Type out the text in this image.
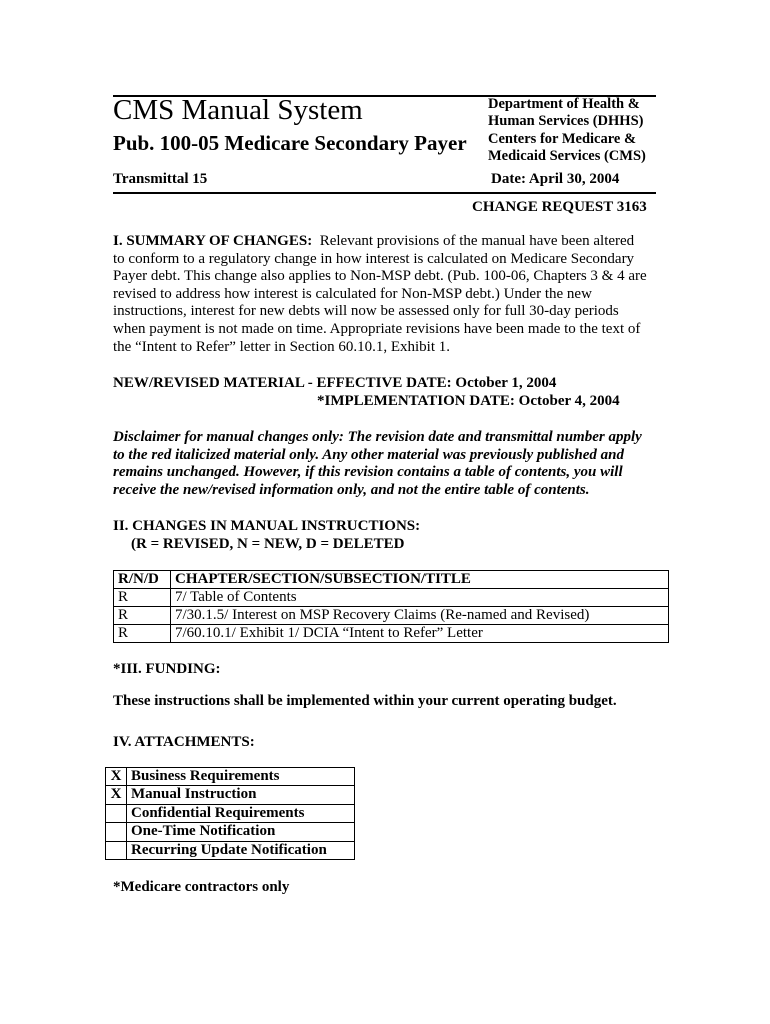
CMS Manual System
Pub. 100-05 Medicare Secondary Payer
Department of Health &
Human Services (DHHS)
Centers for Medicare &
Medicaid Services (CMS)
Transmittal 15	Date: April 30, 2004
CHANGE REQUEST 3163
I. SUMMARY OF CHANGES: Relevant provisions of the manual have been altered
to conform to a regulatory change in how interest is calculated on Medicare Secondary
Payer debt. This change also applies to Non-MSP debt. (Pub. 100-06, Chapters 3 & 4 are
revised to address how interest is calculated for Non-MSP debt.) Under the new
instructions, interest for new debts will now be assessed only for full 30-day periods
when payment is not made on time. Appropriate revisions have been made to the text of
the “Intent to Refer” letter in Section 60.10.1, Exhibit 1.
NEW/REVISED MATERIAL - EFFECTIVE DATE: October 1, 2004
*IMPLEMENTATION DATE: October 4, 2004
Disclaimer for manual changes only: The revision date and transmittal number apply
to the red italicized material only. Any other material was previously published and
remains unchanged. However, if this revision contains a table of contents, you will
receive the new/revised information only, and not the entire table of contents.
II. CHANGES IN MANUAL INSTRUCTIONS:
(R = REVISED, N = NEW, D = DELETED
R/N/D	CHAPTER/SECTION/SUBSECTION/TITLE
R	7/ Table of Contents
R	7/30.1.5/ Interest on MSP Recovery Claims (Re-named and Revised)
R	7/60.10.1/ Exhibit 1/ DCIA “Intent to Refer” Letter
*III. FUNDING:
These instructions shall be implemented within your current operating budget.
IV. ATTACHMENTS:
X	Business Requirements
X	Manual Instruction
	Confidential Requirements
	One-Time Notification
	Recurring Update Notification
*Medicare contractors only
